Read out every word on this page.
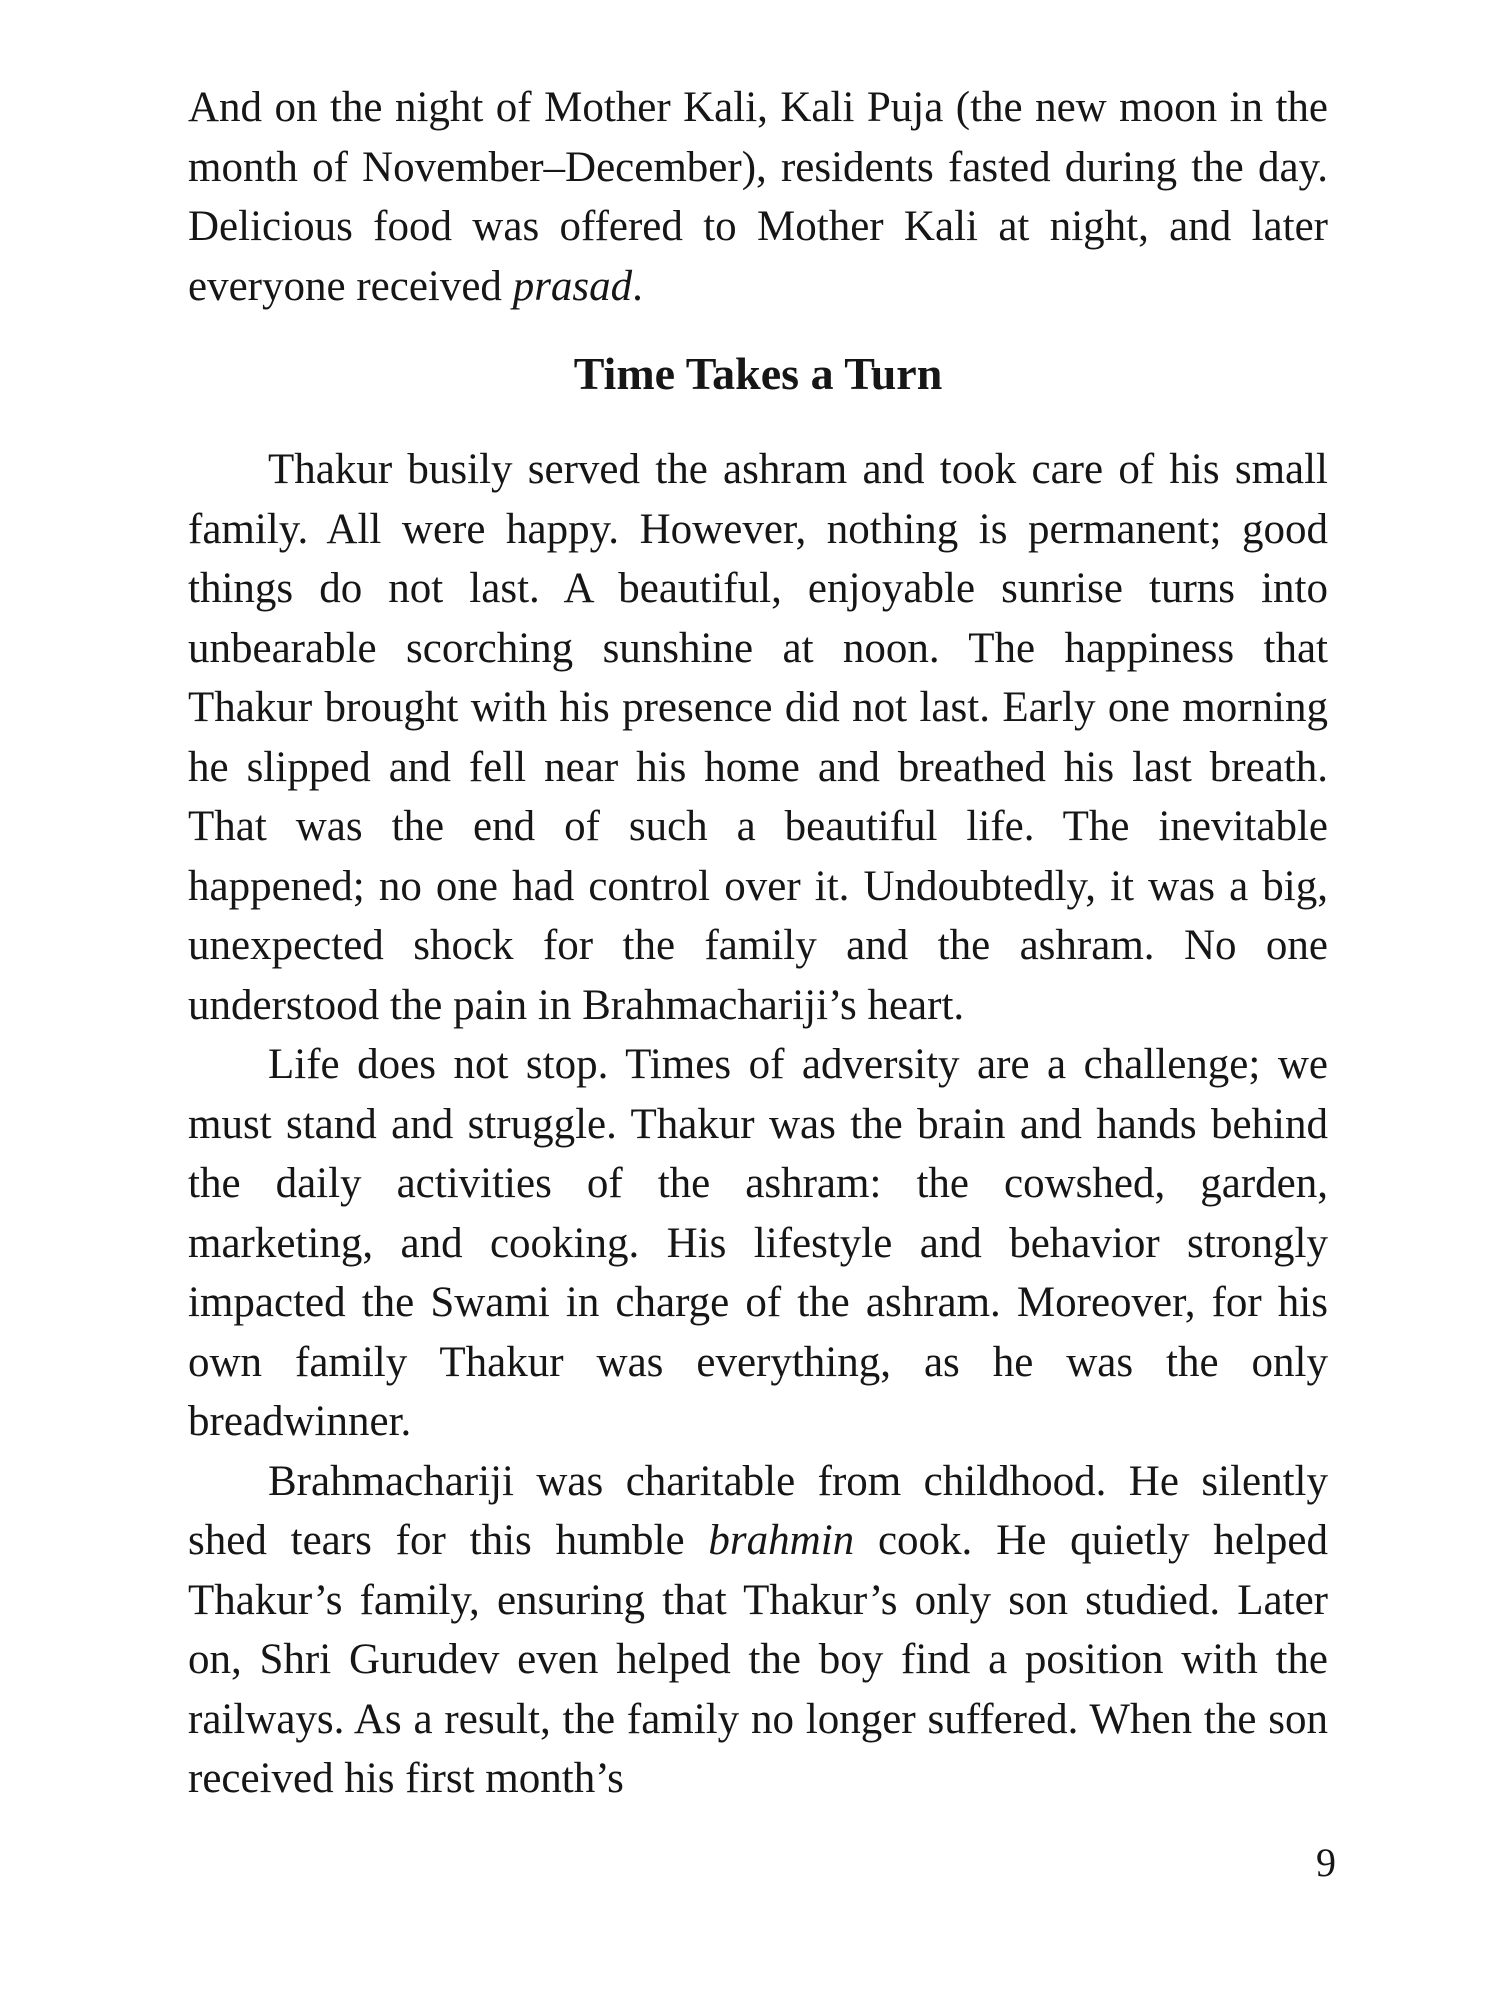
And on the night of Mother Kali, Kali Puja (the new moon in the month of November–December), residents fasted during the day. Delicious food was offered to Mother Kali at night, and later everyone received prasad.

Time Takes a Turn

Thakur busily served the ashram and took care of his small family. All were happy. However, nothing is permanent; good things do not last. A beautiful, enjoyable sunrise turns into unbearable scorching sunshine at noon. The happiness that Thakur brought with his presence did not last. Early one morning he slipped and fell near his home and breathed his last breath. That was the end of such a beautiful life. The inevitable happened; no one had control over it. Undoubtedly, it was a big, unexpected shock for the family and the ashram. No one understood the pain in Brahmachariji’s heart.

Life does not stop. Times of adversity are a challenge; we must stand and struggle. Thakur was the brain and hands behind the daily activities of the ashram: the cowshed, garden, marketing, and cooking. His lifestyle and behavior strongly impacted the Swami in charge of the ashram. Moreover, for his own family Thakur was everything, as he was the only breadwinner.

Brahmachariji was charitable from childhood. He silently shed tears for this humble brahmin cook. He quietly helped Thakur’s family, ensuring that Thakur’s only son studied. Later on, Shri Gurudev even helped the boy find a position with the railways. As a result, the family no longer suffered. When the son received his first month’s

9
